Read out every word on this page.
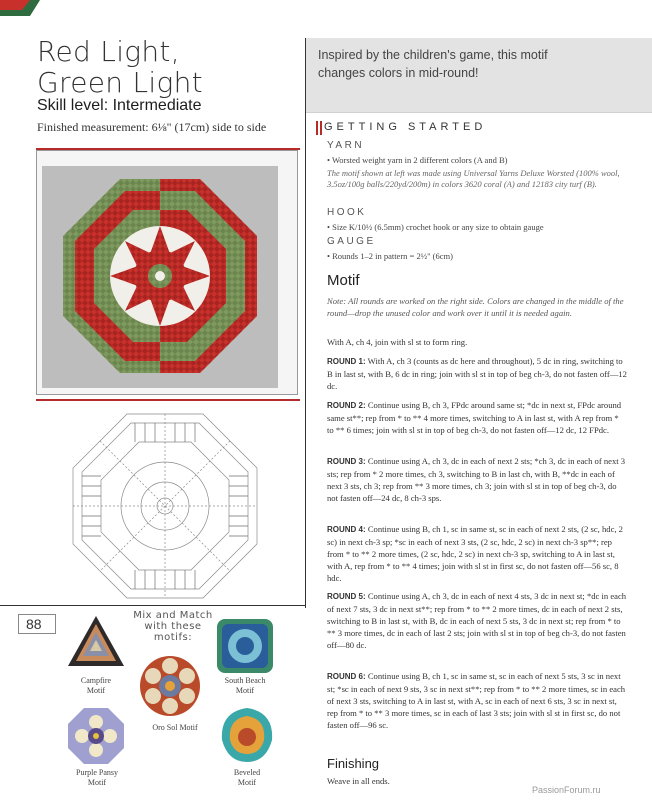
Red Light,
Green Light
Skill level: Intermediate
Finished measurement: 6⅛" (17cm) side to side
Inspired by the children's game, this motif
changes colors in mid-round!
GETTING STARTED
YARN
• Worsted weight yarn in 2 different colors (A and B)
The motif shown at left was made using Universal Yarns Deluxe Worsted (100% wool, 3.5oz/100g balls/220yd/200m) in colors 3620 coral (A) and 12183 city turf (B).
HOOK
• Size K/10½ (6.5mm) crochet hook or any size to obtain gauge
GAUGE
• Rounds 1–2 in pattern = 2½" (6cm)
Motif
Note: All rounds are worked on the right side. Colors are changed in the middle of the round—drop the unused color and work over it until it is needed again.
With A, ch 4, join with sl st to form ring.
ROUND 1: With A, ch 3 (counts as dc here and throughout), 5 dc in ring, switching to B in last st, with B, 6 dc in ring; join with sl st in top of beg ch-3, do not fasten off—12 dc.
ROUND 2: Continue using B, ch 3, FPdc around same st; *dc in next st, FPdc around same st**; rep from * to ** 4 more times, switching to A in last st, with A rep from * to ** 6 times; join with sl st in top of beg ch-3, do not fasten off—12 dc, 12 FPdc.
ROUND 3: Continue using A, ch 3, dc in each of next 2 sts; *ch 3, dc in each of next 3 sts; rep from * 2 more times, ch 3, switching to B in last ch, with B, **dc in each of next 3 sts, ch 3; rep from ** 3 more times, ch 3; join with sl st in top of beg ch-3, do not fasten off—24 dc, 8 ch-3 sps.
ROUND 4: Continue using B, ch 1, sc in same st, sc in each of next 2 sts, (2 sc, hdc, 2 sc) in next ch-3 sp; *sc in each of next 3 sts, (2 sc, hdc, 2 sc) in next ch-3 sp**; rep from * to ** 2 more times, (2 sc, hdc, 2 sc) in next ch-3 sp, switching to A in last st, with A, rep from * to ** 4 times; join with sl st in first sc, do not fasten off—56 sc, 8 hdc.
ROUND 5: Continue using A, ch 3, dc in each of next 4 sts, 3 dc in next st; *dc in each of next 7 sts, 3 dc in next st**; rep from * to ** 2 more times, dc in each of next 2 sts, switching to B in last st, with B, dc in each of next 5 sts, 3 dc in next st; rep from * to ** 3 more times, dc in each of last 2 sts; join with sl st in top of beg ch-3, do not fasten off—80 dc.
ROUND 6: Continue using B, ch 1, sc in same st, sc in each of next 5 sts, 3 sc in next st; *sc in each of next 9 sts, 3 sc in next st**; rep from * to ** 2 more times, sc in each of next 3 sts, switching to A in last st, with A, sc in each of next 6 sts, 3 sc in next st, rep from * to ** 3 more times, sc in each of last 3 sts; join with sl st in first sc, do not fasten off—96 sc.
Finishing
Weave in all ends.
88
Mix and Match
with these
motifs:
Campfire
Motif
South Beach
Motif
Oro Sol Motif
Purple Pansy
Motif
Beveled
Motif
PassionForum.ru
